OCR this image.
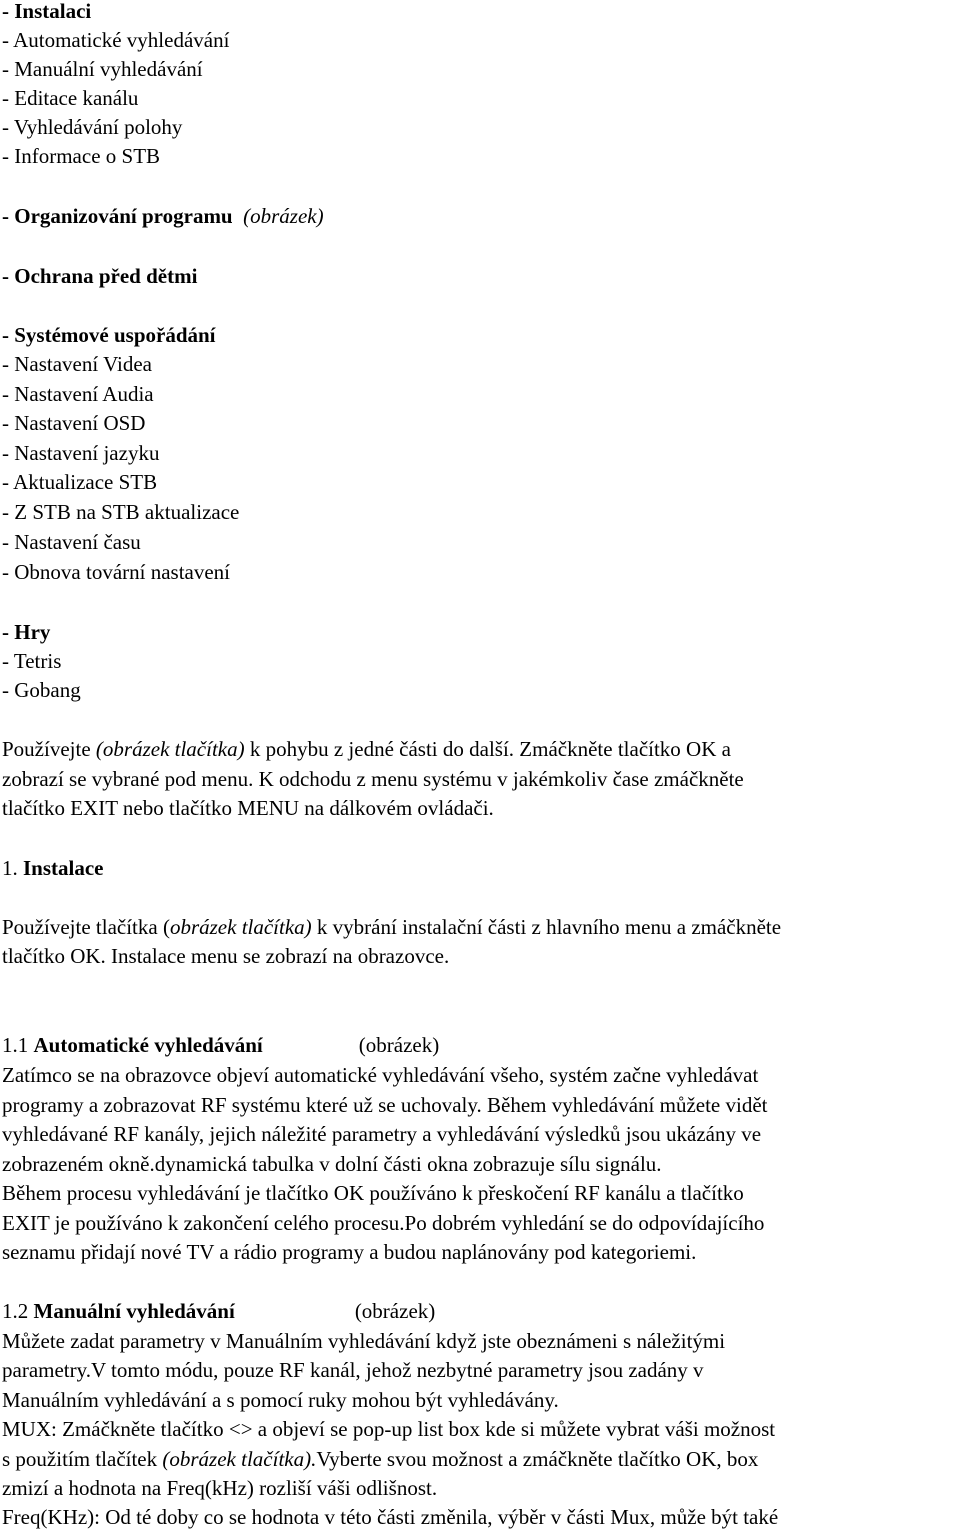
- Instalaci
- Automatické vyhledávání
- Manuální vyhledávání
- Editace kanálu
- Vyhledávání polohy
- Informace o STB
- Organizování programu (obrázek)
- Ochrana před dětmi
- Systémové uspořádání
- Nastavení Videa
- Nastavení Audia
- Nastavení OSD
- Nastavení jazyku
- Aktualizace STB
- Z STB na STB aktualizace
- Nastavení času
- Obnova tovární nastavení
- Hry
- Tetris
- Gobang
Používejte (obrázek tlačítka) k pohybu z jedné části do další. Zmáčkněte tlačítko OK a
zobrazí se vybrané pod menu. K odchodu z menu systému v jakémkoliv čase zmáčkněte
tlačítko EXIT nebo tlačítko MENU na dálkovém ovládači.
1. Instalace
Používejte tlačítka (obrázek tlačítka) k vybrání instalační části z hlavního menu a zmáčkněte
tlačítko OK. Instalace menu se zobrazí na obrazovce.
1.1 Automatické vyhledávání	(obrázek)
Zatímco se na obrazovce objeví automatické vyhledávání všeho, systém začne vyhledávat
programy a zobrazovat RF systému které už se uchovaly. Během vyhledávání můžete vidět
vyhledávané RF kanály, jejich náležité parametry a vyhledávání výsledků jsou ukázány ve
zobrazeném okně.dynamická tabulka v dolní části okna zobrazuje sílu signálu.
Během procesu vyhledávání je tlačítko OK používáno k přeskočení RF kanálu a tlačítko
EXIT je používáno k zakončení celého procesu.Po dobrém vyhledání se do odpovídajícího
seznamu přidají nové TV a rádio programy a budou naplánovány pod kategoriemi.
1.2 Manuální vyhledávání	(obrázek)
Můžete zadat parametry v Manuálním vyhledávání když jste obeznámeni s náležitými
parametry.V tomto módu, pouze RF kanál, jehož nezbytné parametry jsou zadány v
Manuálním vyhledávání a s pomocí ruky mohou být vyhledávány.
MUX: Zmáčkněte tlačítko <> a objeví se pop-up list box kde si můžete vybrat váši možnost
s použitím tlačítek (obrázek tlačítka).Vyberte svou možnost a zmáčkněte tlačítko OK, box
zmizí a hodnota na Freq(kHz) rozliší váši odlišnost.
Freq(KHz): Od té doby co se hodnota v této části změnila, výběr v části Mux, může být také
